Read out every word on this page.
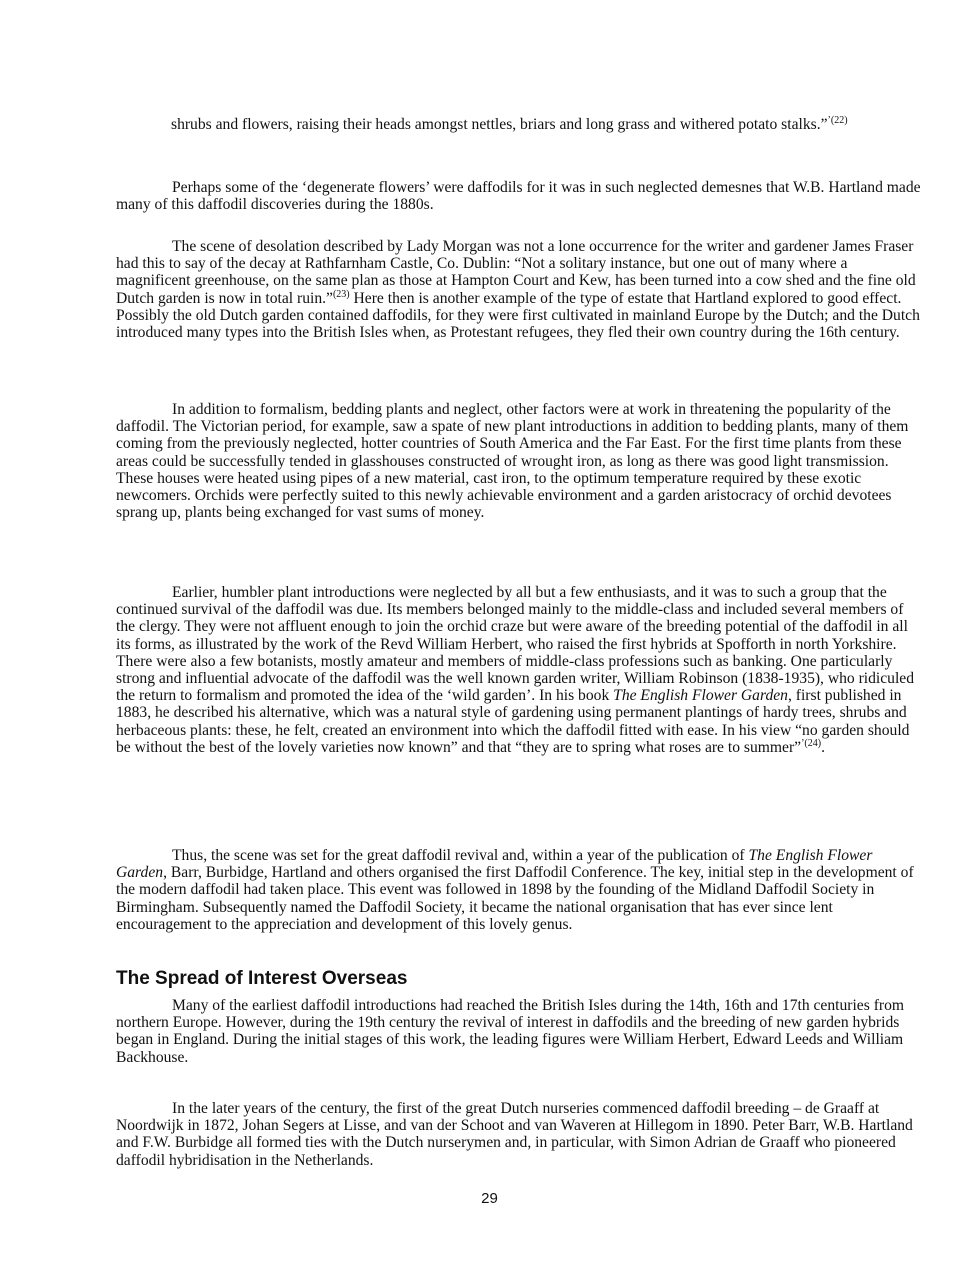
shrubs and flowers, raising their heads amongst nettles, briars and long grass and withered potato stalks.”$^{’(22)}$

Perhaps some of the ‘degenerate flowers’ were daffodils for it was in such neglected demesnes that W.B. Hartland made many of this daffodil discoveries during the 1880s.

The scene of desolation described by Lady Morgan was not a lone occurrence for the writer and gardener James Fraser had this to say of the decay at Rathfarnham Castle, Co. Dublin: “Not a solitary instance, but one out of many where a magnificent greenhouse, on the same plan as those at Hampton Court and Kew, has been turned into a cow shed and the fine old Dutch garden is now in total ruin.”$^{(23)}$ Here then is another example of the type of estate that Hartland explored to good effect. Possibly the old Dutch garden contained daffodils, for they were first cultivated in mainland Europe by the Dutch; and the Dutch introduced many types into the British Isles when, as Protestant refugees, they fled their own country during the 16th century.

In addition to formalism, bedding plants and neglect, other factors were at work in threatening the popularity of the daffodil. The Victorian period, for example, saw a spate of new plant introductions in addition to bedding plants, many of them coming from the previously neglected, hotter countries of South America and the Far East. For the first time plants from these areas could be successfully tended in glasshouses constructed of wrought iron, as long as there was good light transmission. These houses were heated using pipes of a new material, cast iron, to the optimum temperature required by these exotic newcomers. Orchids were perfectly suited to this newly achievable environment and a garden aristocracy of orchid devotees sprang up, plants being exchanged for vast sums of money.

Earlier, humbler plant introductions were neglected by all but a few enthusiasts, and it was to such a group that the continued survival of the daffodil was due. Its members belonged mainly to the middle-class and included several members of the clergy. They were not affluent enough to join the orchid craze but were aware of the breeding potential of the daffodil in all its forms, as illustrated by the work of the Revd William Herbert, who raised the first hybrids at Spofforth in north Yorkshire. There were also a few botanists, mostly amateur and members of middle-class professions such as banking. One particularly strong and influential advocate of the daffodil was the well known garden writer, William Robinson (1838-1935), who ridiculed the return to formalism and promoted the idea of the ‘wild garden’. In his book The English Flower Garden, first published in 1883, he described his alternative, which was a natural style of gardening using permanent plantings of hardy trees, shrubs and herbaceous plants: these, he felt, created an environment into which the daffodil fitted with ease. In his view “no garden should be without the best of the lovely varieties now known” and that “they are to spring what roses are to summer”$^{’(24)}$.

Thus, the scene was set for the great daffodil revival and, within a year of the publication of The English Flower Garden, Barr, Burbidge, Hartland and others organised the first Daffodil Conference. The key, initial step in the development of the modern daffodil had taken place. This event was followed in 1898 by the founding of the Midland Daffodil Society in Birmingham. Subsequently named the Daffodil Society, it became the national organisation that has ever since lent encouragement to the appreciation and development of this lovely genus.

The Spread of Interest Overseas

Many of the earliest daffodil introductions had reached the British Isles during the 14th, 16th and 17th centuries from northern Europe. However, during the 19th century the revival of interest in daffodils and the breeding of new garden hybrids began in England. During the initial stages of this work, the leading figures were William Herbert, Edward Leeds and William Backhouse.

In the later years of the century, the first of the great Dutch nurseries commenced daffodil breeding – de Graaff at Noordwijk in 1872, Johan Segers at Lisse, and van der Schoot and van Waveren at Hillegom in 1890. Peter Barr, W.B. Hartland and F.W. Burbidge all formed ties with the Dutch nurserymen and, in particular, with Simon Adrian de Graaff who pioneered daffodil hybridisation in the Netherlands.

29
